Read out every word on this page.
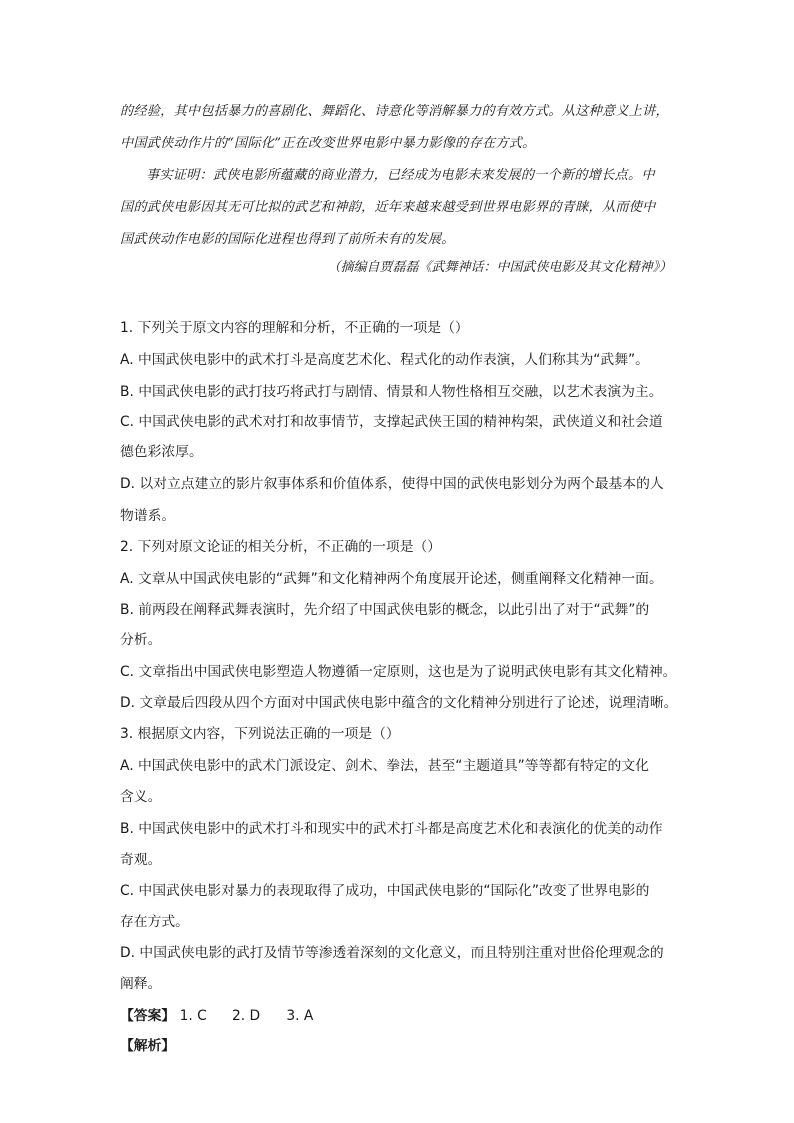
的经验，其中包括暴力的喜剧化、舞蹈化、诗意化等消解暴力的有效方式。从这种意义上讲，

中国武侠动作片的“国际化”正在改变世界电影中暴力影像的存在方式。

事实证明：武侠电影所蕴藏的商业潜力，已经成为电影未来发展的一个新的增长点。中

国的武侠电影因其无可比拟的武艺和神韵，近年来越来越受到世界电影界的青睐，从而使中

国武侠动作电影的国际化进程也得到了前所未有的发展。

（摘编自贾磊磊《武舞神话：中国武侠电影及其文化精神》）
1. 下列关于原文内容的理解和分析，不正确的一项是（）
A. 中国武侠电影中的武术打斗是高度艺术化、程式化的动作表演，人们称其为“武舞”。
B. 中国武侠电影的武打技巧将武打与剧情、情景和人物性格相互交融，以艺术表演为主。
C. 中国武侠电影的武术对打和故事情节，支撑起武侠王国的精神构架，武侠道义和社会道
德色彩浓厚。
D. 以对立点建立的影片叙事体系和价值体系，使得中国的武侠电影划分为两个最基本的人
物谱系。
2. 下列对原文论证的相关分析，不正确的一项是（）
A. 文章从中国武侠电影的“武舞”和文化精神两个角度展开论述，侧重阐释文化精神一面。
B. 前两段在阐释武舞表演时，先介绍了中国武侠电影的概念，以此引出了对于“武舞”的
分析。
C. 文章指出中国武侠电影塑造人物遵循一定原则，这也是为了说明武侠电影有其文化精神。
D. 文章最后四段从四个方面对中国武侠电影中蕴含的文化精神分别进行了论述，说理清晰。
3. 根据原文内容，下列说法正确的一项是（）
A. 中国武侠电影中的武术门派设定、剑术、拳法，甚至“主题道具”等等都有特定的文化
含义。
B. 中国武侠电影中的武术打斗和现实中的武术打斗都是高度艺术化和表演化的优美的动作
奇观。
C. 中国武侠电影对暴力的表现取得了成功，中国武侠电影的“国际化”改变了世界电影的
存在方式。
D. 中国武侠电影的武打及情节等渗透着深刻的文化意义，而且特别注重对世俗伦理观念的
阐释。
【答案】 1. C 2. D 3. A
【解析】
